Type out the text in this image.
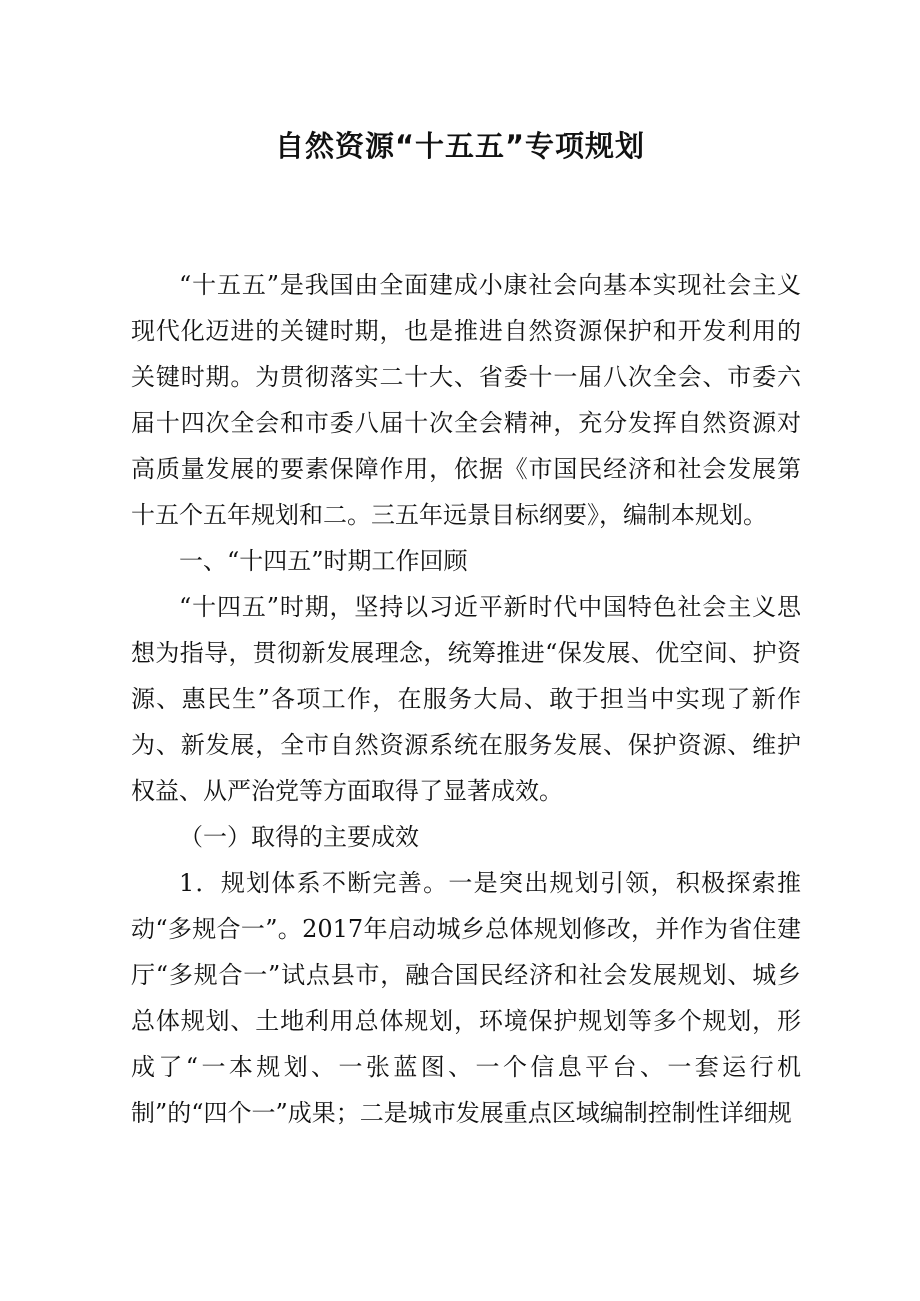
自然资源“十五五”专项规划

“十五五”是我国由全面建成小康社会向基本实现社会主义现代化迈进的关键时期，也是推进自然资源保护和开发利用的关键时期。为贯彻落实二十大、省委十一届八次全会、市委六届十四次全会和市委八届十次全会精神，充分发挥自然资源对高质量发展的要素保障作用，依据《市国民经济和社会发展第十五个五年规划和二。三五年远景目标纲要》，编制本规划。

一、“十四五”时期工作回顾

“十四五”时期，坚持以习近平新时代中国特色社会主义思想为指导，贯彻新发展理念，统筹推进“保发展、优空间、护资源、惠民生”各项工作，在服务大局、敢于担当中实现了新作为、新发展，全市自然资源系统在服务发展、保护资源、维护权益、从严治党等方面取得了显著成效。

（一）取得的主要成效

1．规划体系不断完善。一是突出规划引领，积极探索推动“多规合一”。2017年启动城乡总体规划修改，并作为省住建厅“多规合一”试点县市，融合国民经济和社会发展规划、城乡总体规划、土地利用总体规划，环境保护规划等多个规划，形成了“一本规划、一张蓝图、一个信息平台、一套运行机制”的“四个一”成果；二是城市发展重点区域编制控制性详细规
